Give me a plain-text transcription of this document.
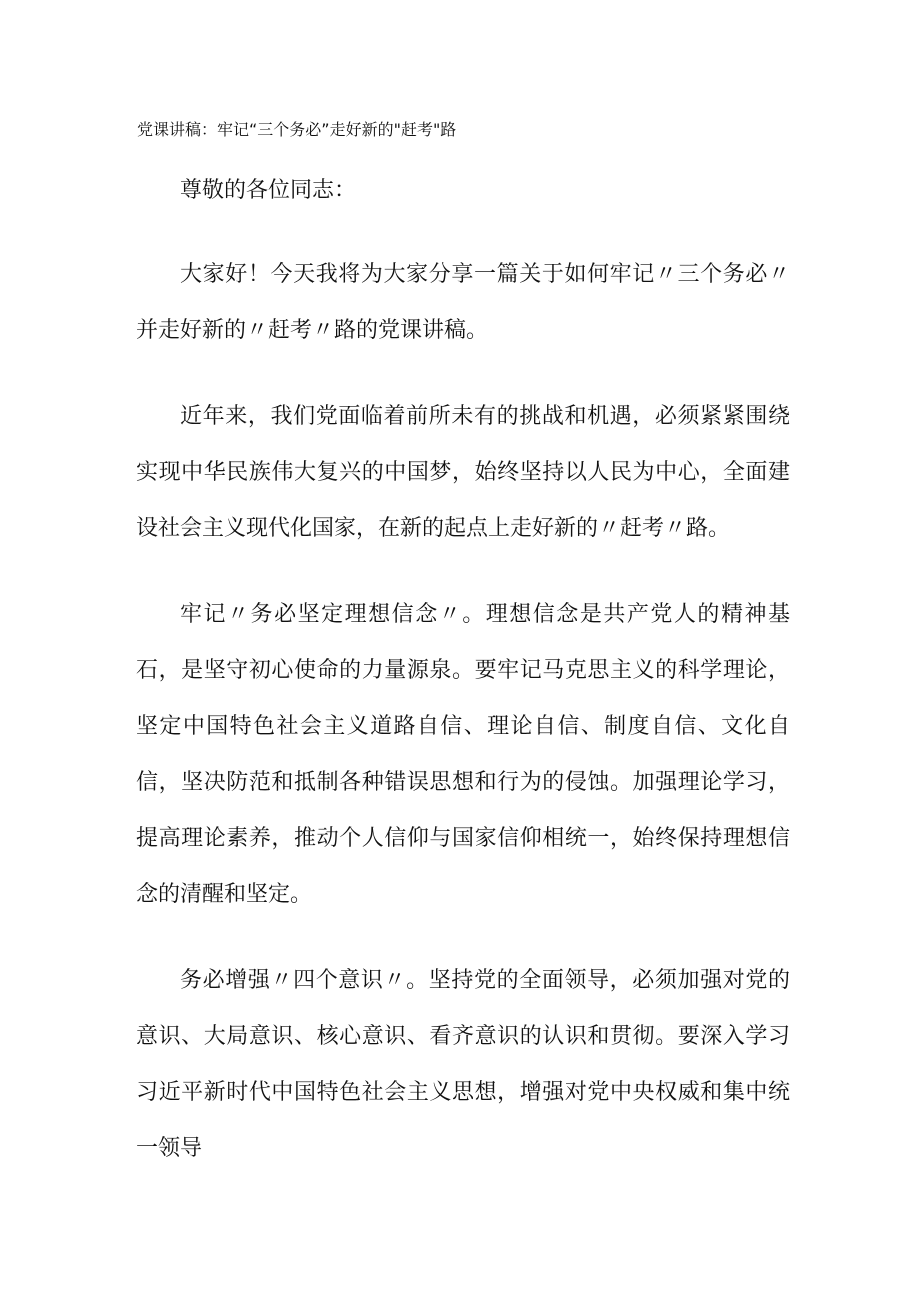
党课讲稿：牢记“三个务必”走好新的"赶考"路

尊敬的各位同志：

大家好！今天我将为大家分享一篇关于如何牢记〃三个务必〃并走好新的〃赶考〃路的党课讲稿。

近年来，我们党面临着前所未有的挑战和机遇，必须紧紧围绕实现中华民族伟大复兴的中国梦，始终坚持以人民为中心，全面建设社会主义现代化国家，在新的起点上走好新的〃赶考〃路。

牢记〃务必坚定理想信念〃。理想信念是共产党人的精神基石，是坚守初心使命的力量源泉。要牢记马克思主义的科学理论，坚定中国特色社会主义道路自信、理论自信、制度自信、文化自信，坚决防范和抵制各种错误思想和行为的侵蚀。加强理论学习，提高理论素养，推动个人信仰与国家信仰相统一，始终保持理想信念的清醒和坚定。

务必增强〃四个意识〃。坚持党的全面领导，必须加强对党的意识、大局意识、核心意识、看齐意识的认识和贯彻。要深入学习习近平新时代中国特色社会主义思想，增强对党中央权威和集中统一领导
